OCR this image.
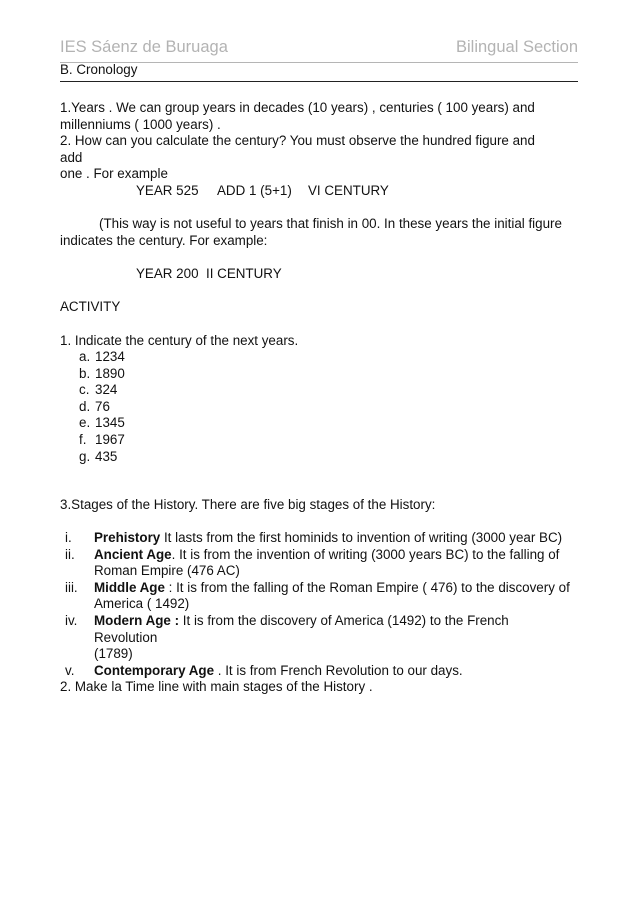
IES Sáenz de Buruaga	Bilingual Section
B. Cronology
1.Years . We can group years in decades (10 years) , centuries ( 100 years) and
millenniums ( 1000 years) .
2. How can you calculate the century? You must observe the hundred figure and add
one . For example
YEAR 525 ADD 1 (5+1) VI CENTURY
(This way is not useful to years that finish in 00. In these years the initial figure
indicates the century. For example:
YEAR 200 II CENTURY
ACTIVITY
1. Indicate the century of the next years.
a. 1234
b. 1890
c. 324
d. 76
e. 1345
f. 1967
g. 435
3.Stages of the History. There are five big stages of the History:
i.	Prehistory It lasts from the first hominids to invention of writing (3000 year BC)
ii.	Ancient Age. It is from the invention of writing (3000 years BC) to the falling of
Roman Empire (476 AC)
iii.	Middle Age : It is from the falling of the Roman Empire ( 476) to the discovery of
America ( 1492)
iv.	Modern Age : It is from the discovery of America (1492) to the French Revolution
(1789)
v.	Contemporary Age . It is from French Revolution to our days.
2. Make la Time line with main stages of the History .
